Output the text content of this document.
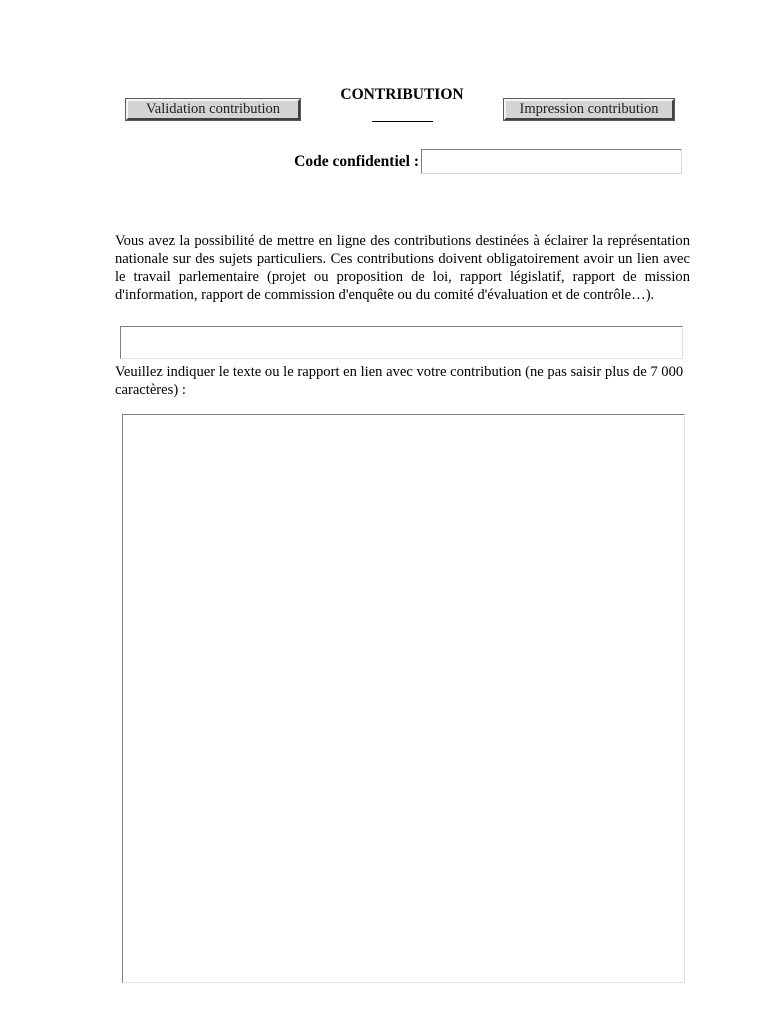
Validation contribution
CONTRIBUTION
Impression contribution
Code confidentiel :

Vous avez la possibilité de mettre en ligne des contributions destinées à éclairer la représentation nationale sur des sujets particuliers. Ces contributions doivent obligatoirement avoir un lien avec le travail parlementaire (projet ou proposition de loi, rapport législatif, rapport de mission d'information, rapport de commission d'enquête ou du comité d'évaluation et de contrôle…).

Veuillez indiquer le texte ou le rapport en lien avec votre contribution (ne pas saisir plus de 7 000 caractères) :
